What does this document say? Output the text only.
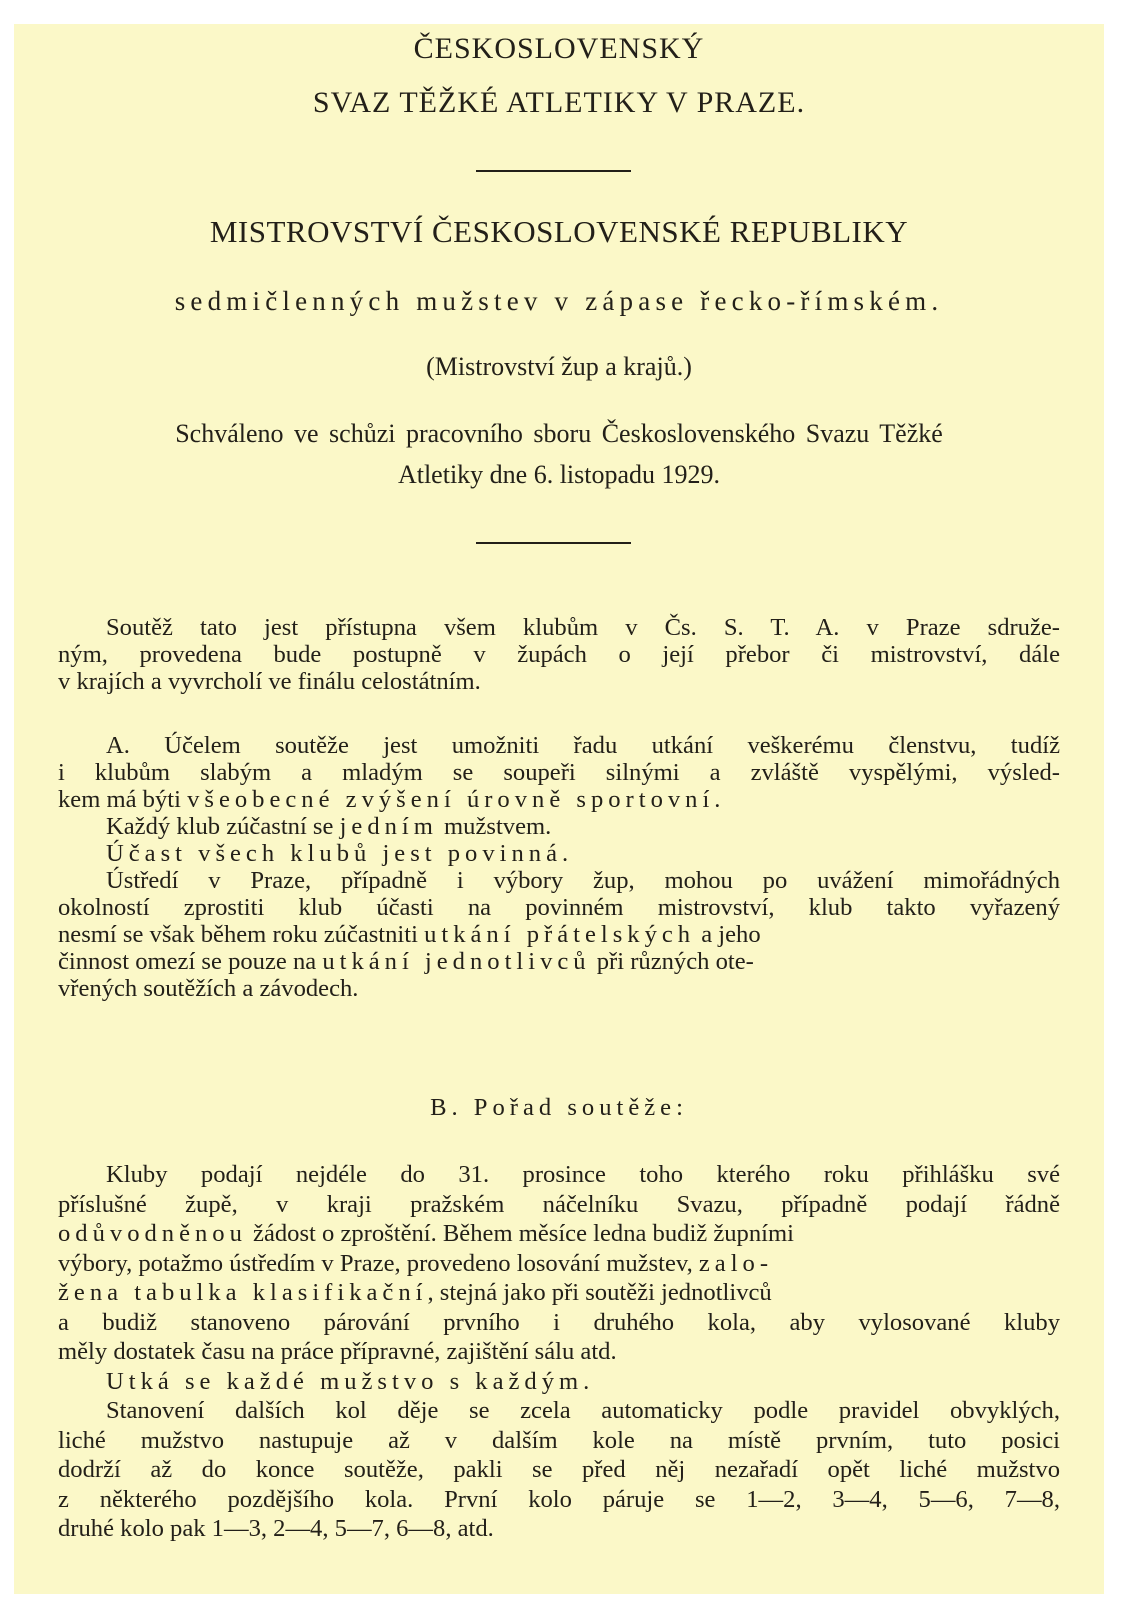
ČESKOSLOVENSKÝ
SVAZ TĚŽKÉ ATLETIKY V PRAZE.
MISTROVSTVÍ ČESKOSLOVENSKÉ REPUBLIKY
sedmičlenných mužstev v zápase řecko-římském.
(Mistrovství žup a krajů.)
Schváleno ve schůzi pracovního sboru Československého Svazu Těžké
Atletiky dne 6. listopadu 1929.
Soutěž tato jest přístupna všem klubům v Čs. S. T. A. v Praze sdruže-
ným, provedena bude postupně v župách o její přebor či mistrovství, dále
v krajích a vyvrcholí ve finálu celostátním.
A. Účelem soutěže jest umožniti řadu utkání veškerému členstvu, tudíž
i klubům slabým a mladým se soupeři silnými a zvláště vyspělými, výsled-
kem má býti všeobecné zvýšení úrovně sportovní.
Každý klub zúčastní se jedním mužstvem.
Účast všech klubů jest povinná.
Ústředí v Praze, případně i výbory žup, mohou po uvážení mimořádných
okolností zprostiti klub účasti na povinném mistrovství, klub takto vyřazený
nesmí se však během roku zúčastniti utkání přátelských a jeho
činnost omezí se pouze na utkání jednotlivců při různých ote-
vřených soutěžích a závodech.
B. Pořad soutěže:
Kluby podají nejdéle do 31. prosince toho kterého roku přihlášku své
příslušné župě, v kraji pražském náčelníku Svazu, případně podají řádně
odůvodněnou žádost o zproštění. Během měsíce ledna budiž župními
výbory, potažmo ústředím v Praze, provedeno losování mužstev, zalo-
žena tabulka klasifikační, stejná jako při soutěži jednotlivců
a budiž stanoveno párování prvního i druhého kola, aby vylosované kluby
měly dostatek času na práce přípravné, zajištění sálu atd.
Utká se každé mužstvo s každým.
Stanovení dalších kol děje se zcela automaticky podle pravidel obvyklých,
liché mužstvo nastupuje až v dalším kole na místě prvním, tuto posici
dodrží až do konce soutěže, pakli se před něj nezařadí opět liché mužstvo
z některého pozdějšího kola. První kolo páruje se 1—2, 3—4, 5—6, 7—8,
druhé kolo pak 1—3, 2—4, 5—7, 6—8, atd.
